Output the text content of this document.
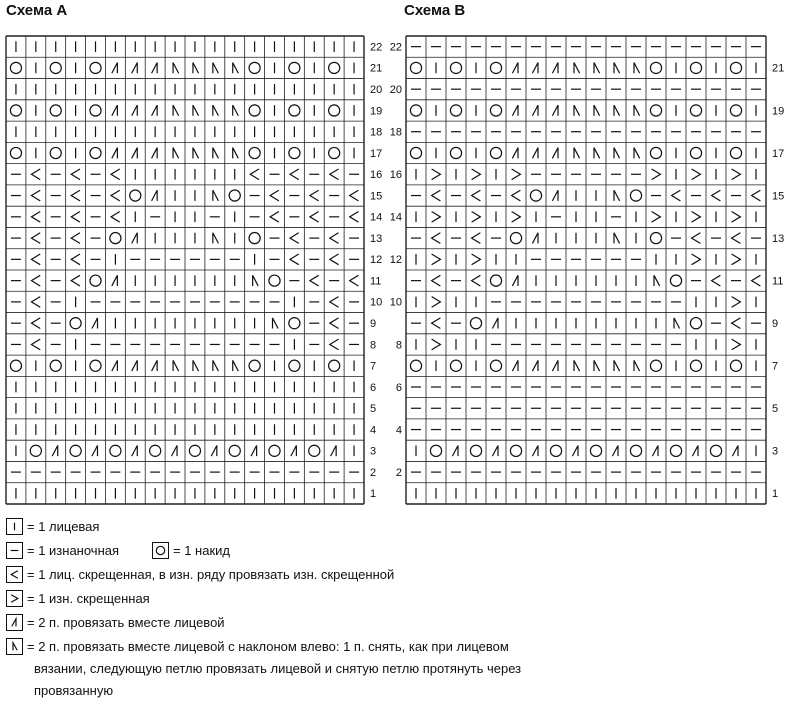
Схема A	Схема B
22
21
20
19
18
17
16
15
14
13
12
11
10
9
8
7
6
5
4
3
2
1
22
21
20
19
18
17
16
15
14
13
12
11
10
9
8
7
6
5
4
3
2
1
= 1 лицевая
= 1 изнаночная	= 1 накид
= 1 лиц. скрещенная, в изн. ряду провязать изн. скрещенной
= 1 изн. скрещенная
= 2 п. провязать вместе лицевой
= 2 п. провязать вместе лицевой с наклоном влево: 1 п. снять, как при лицевом
вязании, следующую петлю провязать лицевой и снятую петлю протянуть через
провязанную
